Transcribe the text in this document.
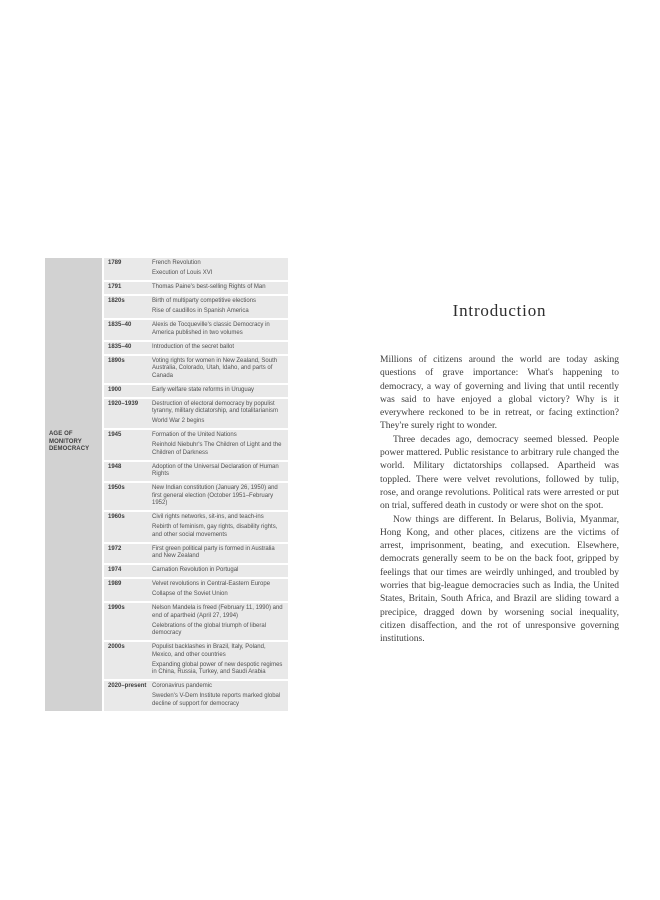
AGE OF MONITORY DEMOCRACY
1789	French Revolution
Execution of Louis XVI
1791	Thomas Paine's best-selling Rights of Man
1820s	Birth of multiparty competitive elections
Rise of caudillos in Spanish America
1835–40	Alexis de Tocqueville's classic Democracy in America published in two volumes
1835–40	Introduction of the secret ballot
1890s	Voting rights for women in New Zealand, South Australia, Colorado, Utah, Idaho, and parts of Canada
1900	Early welfare state reforms in Uruguay
1920–1939	Destruction of electoral democracy by populist tyranny, military dictatorship, and totalitarianism
World War 2 begins
1945	Formation of the United Nations
Reinhold Niebuhr's The Children of Light and the Children of Darkness
1948	Adoption of the Universal Declaration of Human Rights
1950s	New Indian constitution (January 26, 1950) and first general election (October 1951–February 1952)
1960s	Civil rights networks, sit-ins, and teach-ins
Rebirth of feminism, gay rights, disability rights, and other social movements
1972	First green political party is formed in Australia and New Zealand
1974	Carnation Revolution in Portugal
1989	Velvet revolutions in Central-Eastern Europe
Collapse of the Soviet Union
1990s	Nelson Mandela is freed (February 11, 1990) and end of apartheid (April 27, 1994)
Celebrations of the global triumph of liberal democracy
2000s	Populist backlashes in Brazil, Italy, Poland, Mexico, and other countries
Expanding global power of new despotic regimes in China, Russia, Turkey, and Saudi Arabia
2020–present Coronavirus pandemic
Sweden's V-Dem Institute reports marked global decline of support for democracy
Introduction

Millions of citizens around the world are today asking questions of grave importance: What's happening to democracy, a way of governing and living that until recently was said to have enjoyed a global victory? Why is it everywhere reckoned to be in retreat, or facing extinction? They're surely right to wonder.

Three decades ago, democracy seemed blessed. People power mattered. Public resistance to arbitrary rule changed the world. Military dictatorships collapsed. Apartheid was toppled. There were velvet revolutions, followed by tulip, rose, and orange revolutions. Political rats were arrested or put on trial, suffered death in custody or were shot on the spot.

Now things are different. In Belarus, Bolivia, Myanmar, Hong Kong, and other places, citizens are the victims of arrest, imprisonment, beating, and execution. Elsewhere, democrats generally seem to be on the back foot, gripped by feelings that our times are weirdly unhinged, and troubled by worries that big-league democracies such as India, the United States, Britain, South Africa, and Brazil are sliding toward a precipice, dragged down by worsening social inequality, citizen disaffection, and the rot of unresponsive governing institutions.
